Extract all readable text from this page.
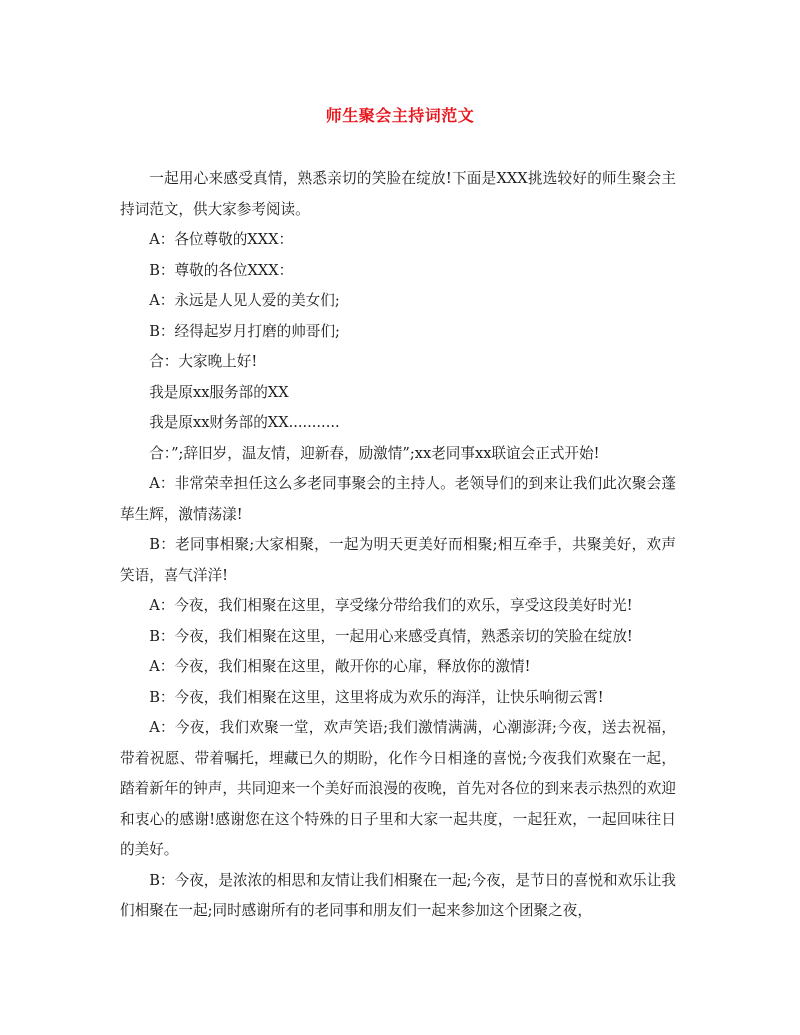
师生聚会主持词范文

一起用心来感受真情，熟悉亲切的笑脸在绽放!下面是XXX挑选较好的师生聚会主持词范文，供大家参考阅读。

A：各位尊敬的XXX：

B：尊敬的各位XXX：

A：永远是人见人爱的美女们;

B：经得起岁月打磨的帅哥们;

合：大家晚上好!

我是原xx服务部的XX

我是原xx财务部的XX...........

合：”;辞旧岁，温友情，迎新春，励激情”;xx老同事xx联谊会正式开始!

A：非常荣幸担任这么多老同事聚会的主持人。老领导们的到来让我们此次聚会蓬荜生辉，激情荡漾!

B：老同事相聚;大家相聚，一起为明天更美好而相聚;相互牵手，共聚美好，欢声笑语，喜气洋洋!

A：今夜，我们相聚在这里，享受缘分带给我们的欢乐，享受这段美好时光!

B：今夜，我们相聚在这里，一起用心来感受真情，熟悉亲切的笑脸在绽放!

A：今夜，我们相聚在这里，敞开你的心扉，释放你的激情!

B：今夜，我们相聚在这里，这里将成为欢乐的海洋，让快乐响彻云霄!

A：今夜，我们欢聚一堂，欢声笑语;我们激情满满，心潮澎湃;今夜，送去祝福，带着祝愿、带着嘱托，埋藏已久的期盼，化作今日相逢的喜悦;今夜我们欢聚在一起，踏着新年的钟声，共同迎来一个美好而浪漫的夜晚，首先对各位的到来表示热烈的欢迎和衷心的感谢!感谢您在这个特殊的日子里和大家一起共度，一起狂欢，一起回味往日的美好。

B：今夜，是浓浓的相思和友情让我们相聚在一起;今夜，是节日的喜悦和欢乐让我们相聚在一起;同时感谢所有的老同事和朋友们一起来参加这个团聚之夜，
